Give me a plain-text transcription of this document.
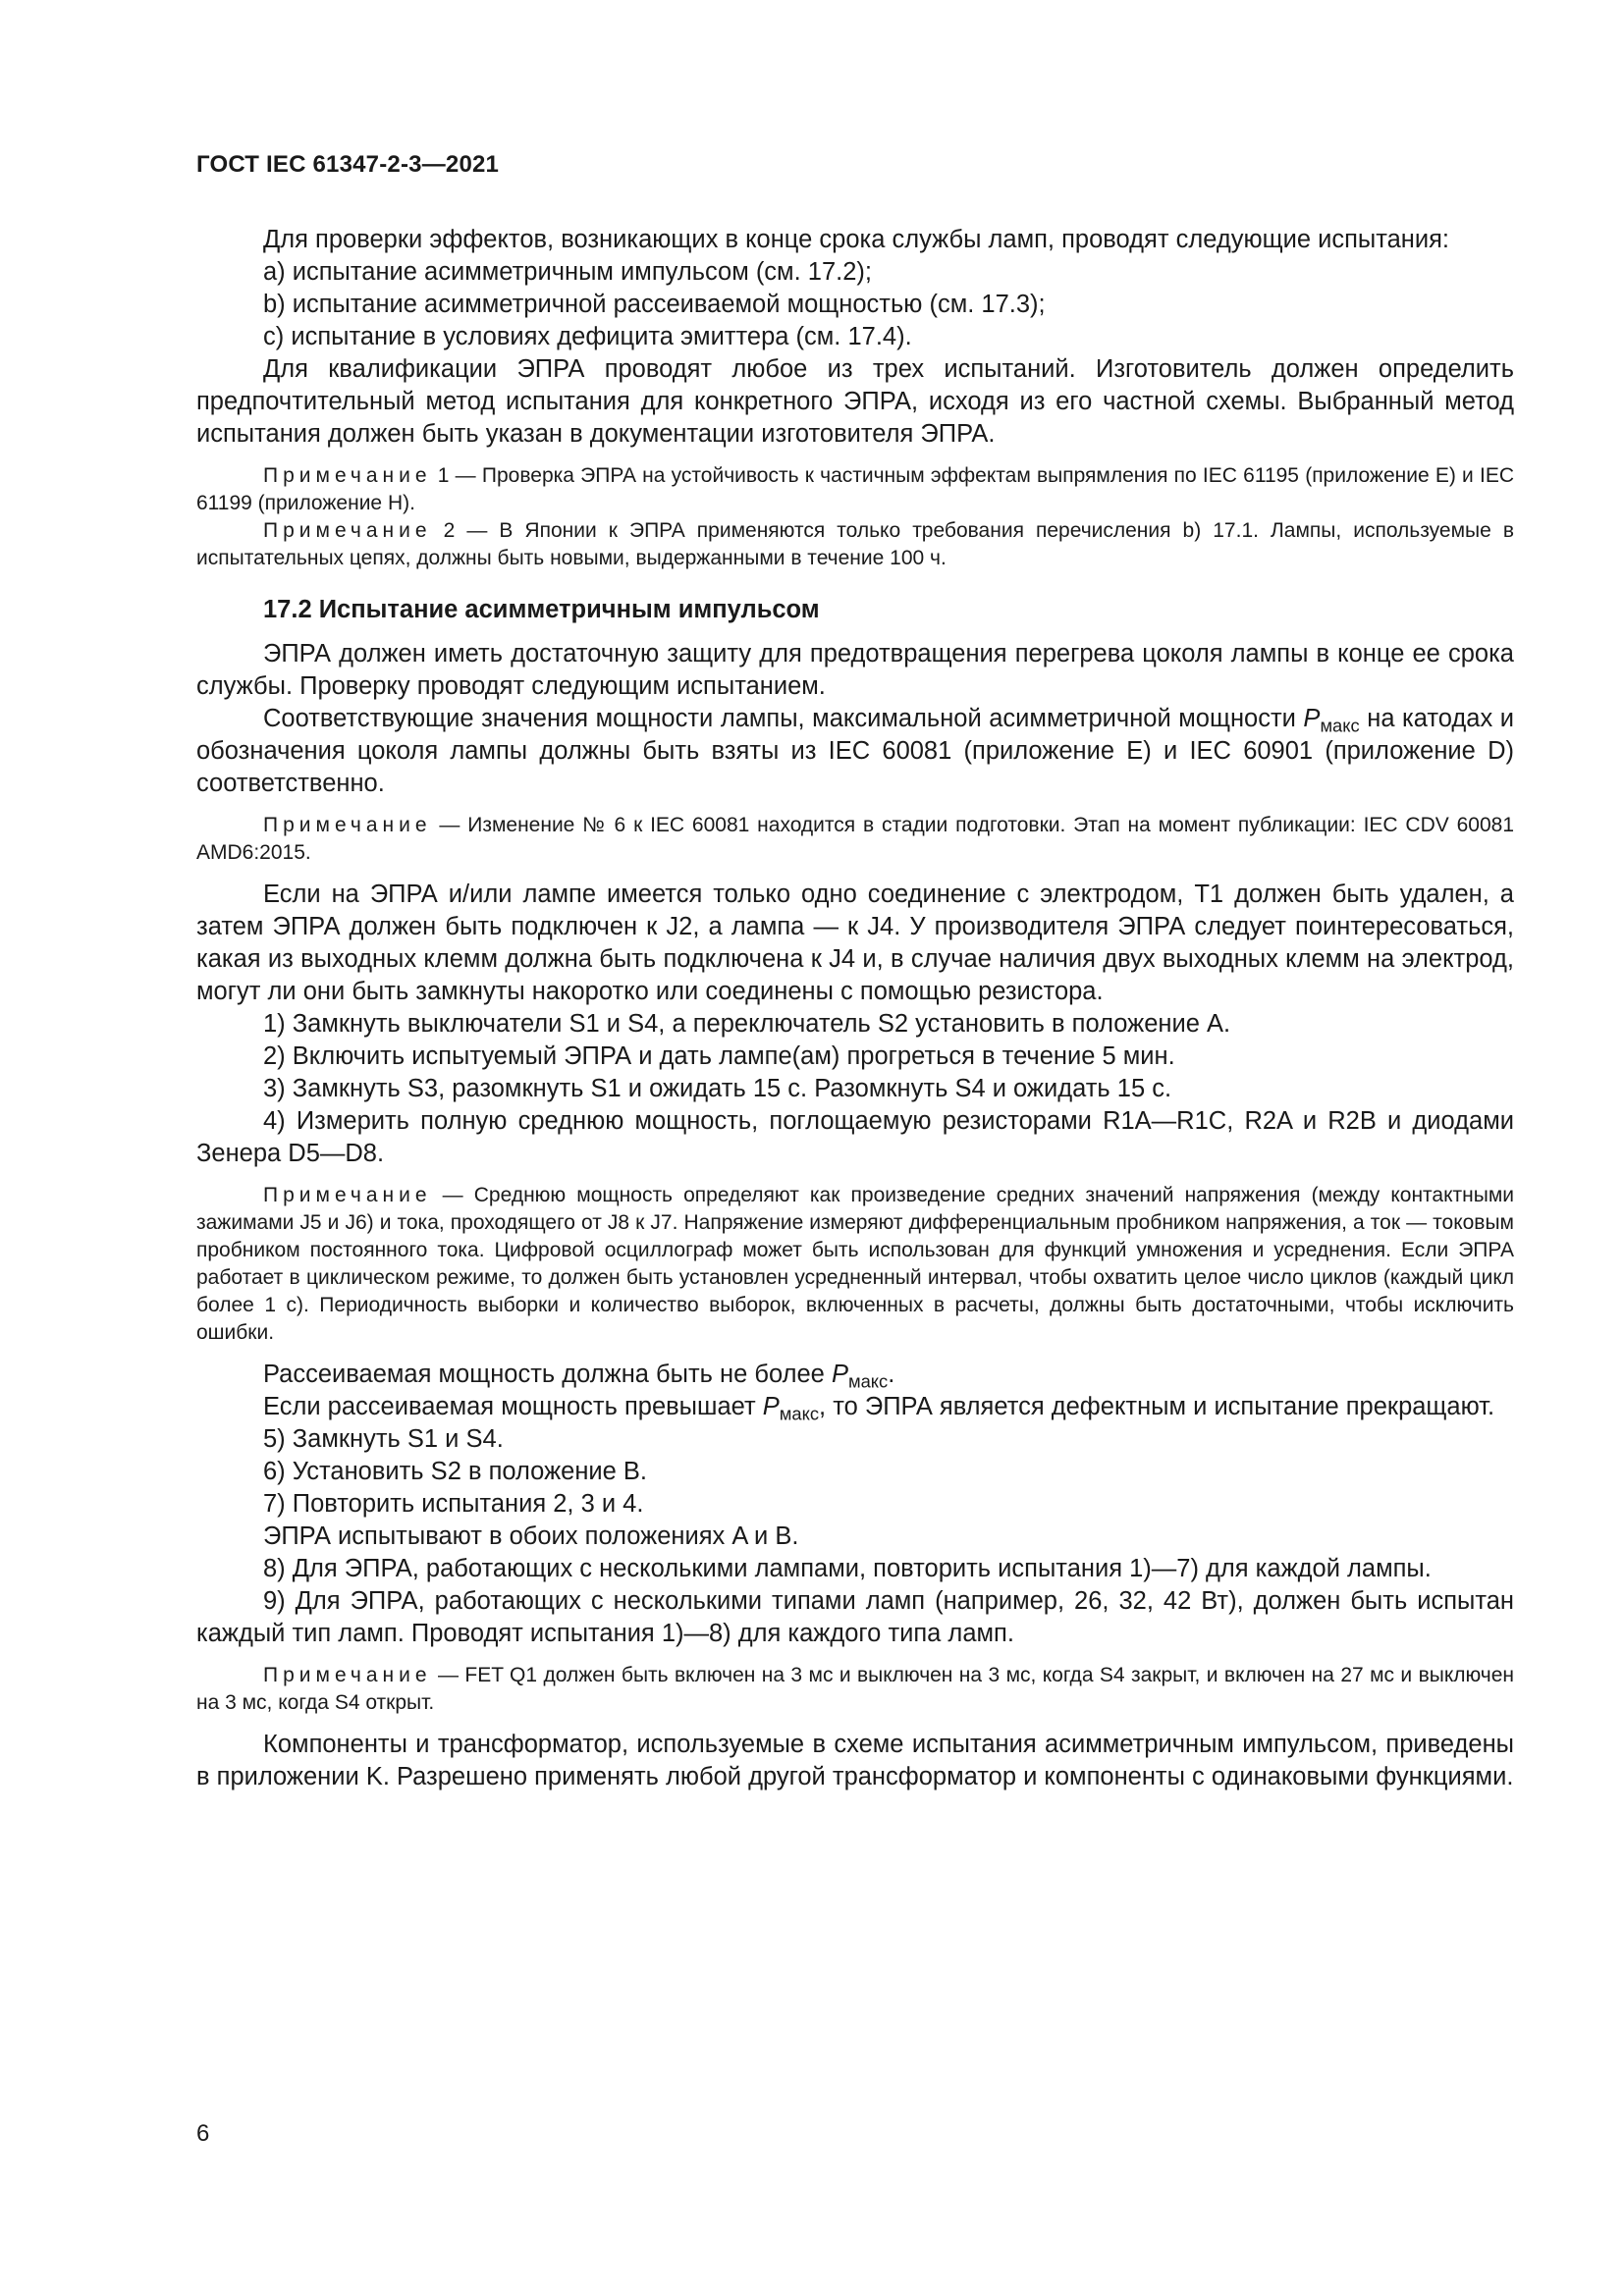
ГОСТ IEC 61347-2-3—2021

Для проверки эффектов, возникающих в конце срока службы ламп, проводят следующие испытания:

a) испытание асимметричным импульсом (см. 17.2);

b) испытание асимметричной рассеиваемой мощностью (см. 17.3);

c) испытание в условиях дефицита эмиттера (см. 17.4).

Для квалификации ЭПРА проводят любое из трех испытаний. Изготовитель должен определить предпочтительный метод испытания для конкретного ЭПРА, исходя из его частной схемы. Выбранный метод испытания должен быть указан в документации изготовителя ЭПРА.

Примечание 1 — Проверка ЭПРА на устойчивость к частичным эффектам выпрямления по IEC 61195 (приложение E) и IEC 61199 (приложение H).

Примечание 2 — В Японии к ЭПРА применяются только требования перечисления b) 17.1. Лампы, используемые в испытательных цепях, должны быть новыми, выдержанными в течение 100 ч.

17.2 Испытание асимметричным импульсом

ЭПРА должен иметь достаточную защиту для предотвращения перегрева цоколя лампы в конце ее срока службы. Проверку проводят следующим испытанием.

Соответствующие значения мощности лампы, максимальной асимметричной мощности $P_{макс}$ на катодах и обозначения цоколя лампы должны быть взяты из IEC 60081 (приложение E) и IEC 60901 (приложение D) соответственно.

Примечание — Изменение № 6 к IEC 60081 находится в стадии подготовки. Этап на момент публикации: IEC CDV 60081 AMD6:2015.

Если на ЭПРА и/или лампе имеется только одно соединение с электродом, T1 должен быть удален, а затем ЭПРА должен быть подключен к J2, а лампа — к J4. У производителя ЭПРА следует поинтересоваться, какая из выходных клемм должна быть подключена к J4 и, в случае наличия двух выходных клемм на электрод, могут ли они быть замкнуты накоротко или соединены с помощью резистора.

1) Замкнуть выключатели S1 и S4, а переключатель S2 установить в положение A.

2) Включить испытуемый ЭПРА и дать лампе(ам) прогреться в течение 5 мин.

3) Замкнуть S3, разомкнуть S1 и ожидать 15 с. Разомкнуть S4 и ожидать 15 с.

4) Измерить полную среднюю мощность, поглощаемую резисторами R1A—R1C, R2A и R2B и диодами Зенера D5—D8.

Примечание — Среднюю мощность определяют как произведение средних значений напряжения (между контактными зажимами J5 и J6) и тока, проходящего от J8 к J7. Напряжение измеряют дифференциальным пробником напряжения, а ток — токовым пробником постоянного тока. Цифровой осциллограф может быть использован для функций умножения и усреднения. Если ЭПРА работает в циклическом режиме, то должен быть установлен усредненный интервал, чтобы охватить целое число циклов (каждый цикл более 1 с). Периодичность выборки и количество выборок, включенных в расчеты, должны быть достаточными, чтобы исключить ошибки.

Рассеиваемая мощность должна быть не более $P_{макс}$.

Если рассеиваемая мощность превышает $P_{макс}$, то ЭПРА является дефектным и испытание прекращают.

5) Замкнуть S1 и S4.

6) Установить S2 в положение B.

7) Повторить испытания 2, 3 и 4.

ЭПРА испытывают в обоих положениях A и B.

8) Для ЭПРА, работающих с несколькими лампами, повторить испытания 1)—7) для каждой лампы.

9) Для ЭПРА, работающих с несколькими типами ламп (например, 26, 32, 42 Вт), должен быть испытан каждый тип ламп. Проводят испытания 1)—8) для каждого типа ламп.

Примечание — FET Q1 должен быть включен на 3 мс и выключен на 3 мс, когда S4 закрыт, и включен на 27 мс и выключен на 3 мс, когда S4 открыт.

Компоненты и трансформатор, используемые в схеме испытания асимметричным импульсом, приведены в приложении K. Разрешено применять любой другой трансформатор и компоненты с одинаковыми функциями.

6
